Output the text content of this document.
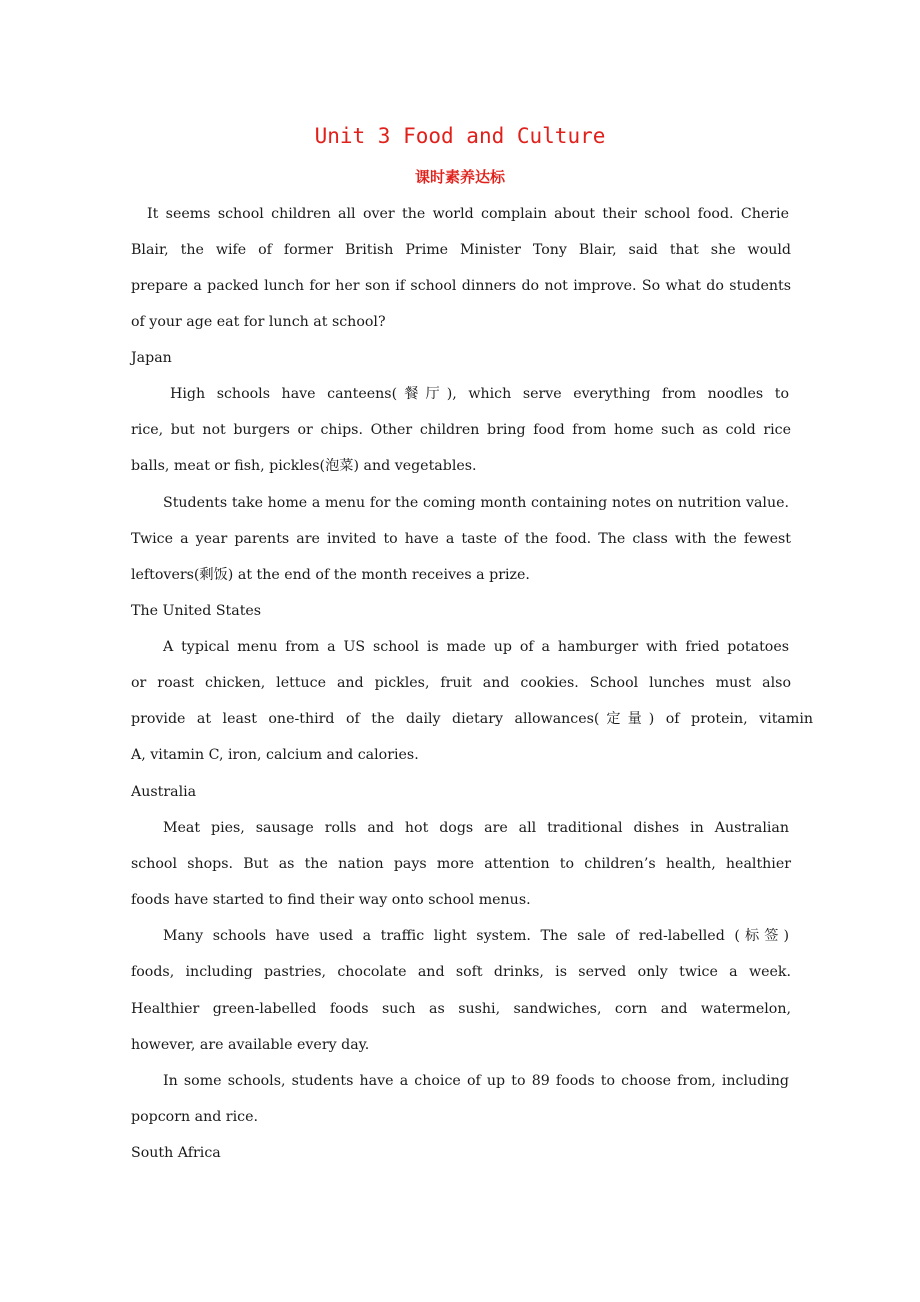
Unit 3 Food and Culture
课时素养达标
It seems school children all over the world complain about their school food. Cherie
Blair, the wife of former British Prime Minister Tony Blair, said that she would
prepare a packed lunch for her son if school dinners do not improve. So what do students
of your age eat for lunch at school?
Japan
High schools have canteens(餐厅), which serve everything from noodles to
rice, but not burgers or chips. Other children bring food from home such as cold rice
balls, meat or fish, pickles(泡菜) and vegetables.
Students take home a menu for the coming month containing notes on nutrition value.
Twice a year parents are invited to have a taste of the food. The class with the fewest
leftovers(剩饭) at the end of the month receives a prize.
The United States
A typical menu from a US school is made up of a hamburger with fried potatoes
or roast chicken, lettuce and pickles, fruit and cookies. School lunches must also
provide at least one-third of the daily dietary allowances(定量) of protein, vitamin
A, vitamin C, iron, calcium and calories.
Australia
Meat pies, sausage rolls and hot dogs are all traditional dishes in Australian
school shops. But as the nation pays more attention to children’s health, healthier
foods have started to find their way onto school menus.
Many schools have used a traffic light system. The sale of red-labelled (标签)
foods, including pastries, chocolate and soft drinks, is served only twice a week.
Healthier green-labelled foods such as sushi, sandwiches, corn and watermelon,
however, are available every day.
In some schools, students have a choice of up to 89 foods to choose from, including
popcorn and rice.
South Africa
